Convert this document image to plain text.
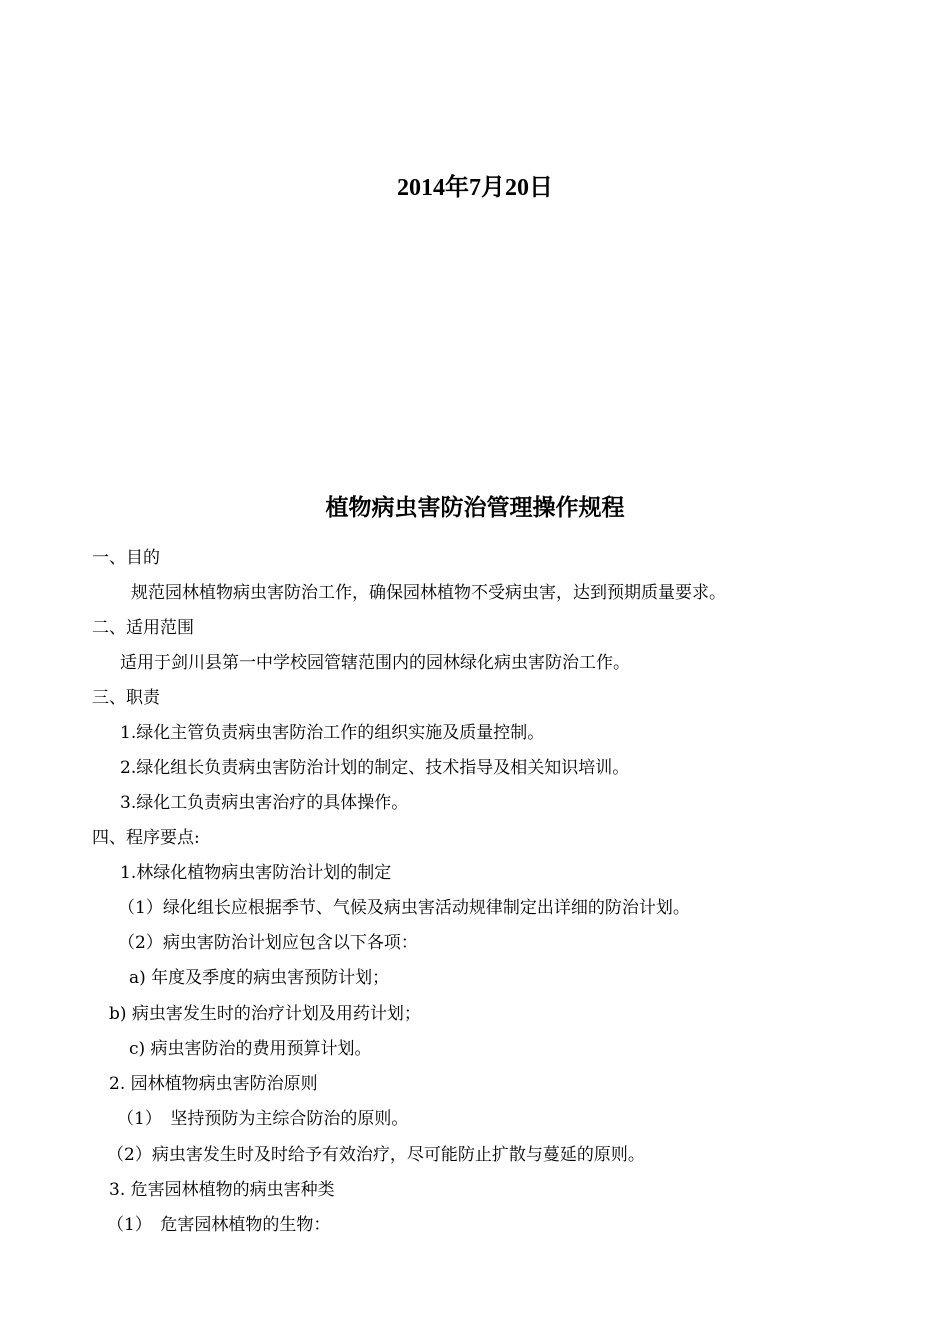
2014年7月20日
植物病虫害防治管理操作规程
一、目的
规范园林植物病虫害防治工作，确保园林植物不受病虫害，达到预期质量要求。
二、适用范围
适用于剑川县第一中学校园管辖范围内的园林绿化病虫害防治工作。
三、职责
1.绿化主管负责病虫害防治工作的组织实施及质量控制。
2.绿化组长负责病虫害防治计划的制定、技术指导及相关知识培训。
3.绿化工负责病虫害治疗的具体操作。
四、程序要点:
1.林绿化植物病虫害防治计划的制定
（1）绿化组长应根据季节、气候及病虫害活动规律制定出详细的防治计划。
（2）病虫害防治计划应包含以下各项：
a) 年度及季度的病虫害预防计划；
b) 病虫害发生时的治疗计划及用药计划；
c) 病虫害防治的费用预算计划。
2. 园林植物病虫害防治原则
（1）　坚持预防为主综合防治的原则。
（2）病虫害发生时及时给予有效治疗，尽可能防止扩散与蔓延的原则。
3. 危害园林植物的病虫害种类
（1）　危害园林植物的生物：
